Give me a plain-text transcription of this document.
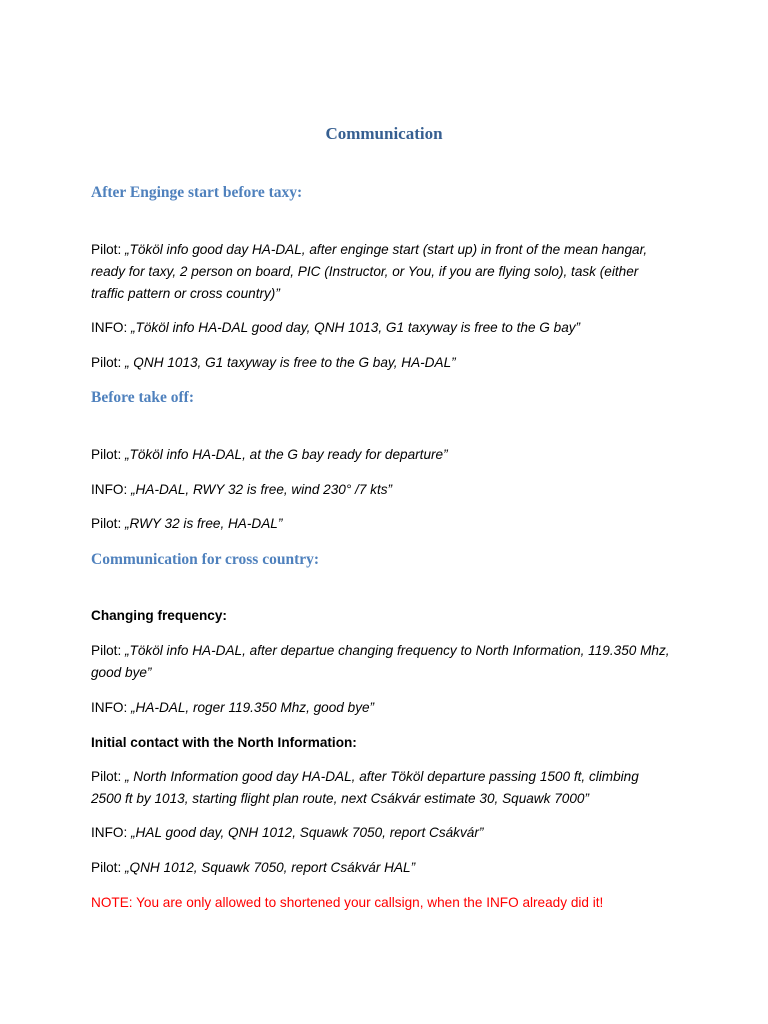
Communication
After Enginge start before taxy:

Pilot: „Tököl info good day HA-DAL, after enginge start (start up) in front of the mean hangar, ready for taxy, 2 person on board, PIC (Instructor, or You, if you are flying solo), task (either traffic pattern or cross country)”

INFO: „Tököl info HA-DAL good day, QNH 1013, G1 taxyway is free to the G bay”

Pilot: „ QNH 1013, G1 taxyway is free to the G bay, HA-DAL”

Before take off:

Pilot: „Tököl info HA-DAL, at the G bay ready for departure”

INFO: „HA-DAL, RWY 32 is free, wind 230° /7 kts”

Pilot: „RWY 32 is free, HA-DAL”

Communication for cross country:

Changing frequency:

Pilot: „Tököl info HA-DAL, after departue changing frequency to North Information, 119.350 Mhz, good bye”

INFO: „HA-DAL, roger 119.350 Mhz, good bye”

Initial contact with the North Information:

Pilot: „ North Information good day HA-DAL, after Tököl departure passing 1500 ft, climbing 2500 ft by 1013, starting flight plan route, next Csákvár estimate 30, Squawk 7000”

INFO: „HAL good day, QNH 1012, Squawk 7050, report Csákvár”

Pilot: „QNH 1012, Squawk 7050, report Csákvár HAL”

NOTE: You are only allowed to shortened your callsign, when the INFO already did it!
